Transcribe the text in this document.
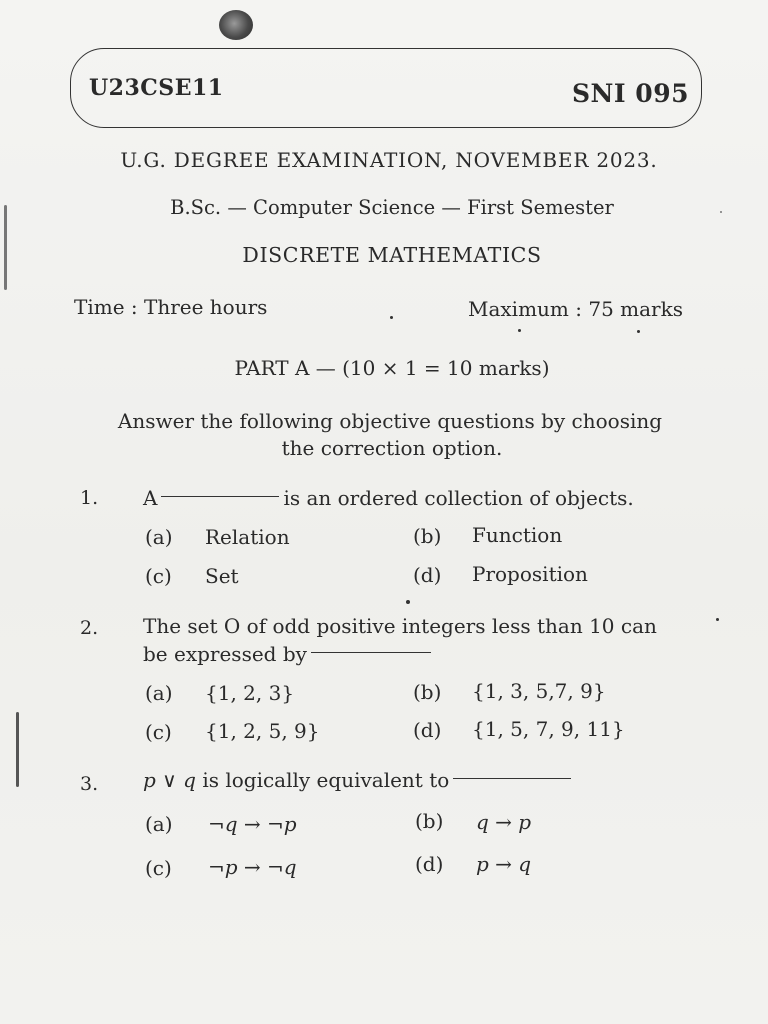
U23CSE11	SNI 095
U.G. DEGREE EXAMINATION, NOVEMBER 2023.
B.Sc. — Computer Science — First Semester
DISCRETE MATHEMATICS
Time : Three hours	Maximum : 75 marks
PART A — (10 × 1 = 10 marks)
Answer the following objective questions by choosing
the correction option.
1. A	is an ordered collection of objects.
(a) Relation	(b) Function
(c) Set	(d) Proposition
2. The set O of odd positive integers less than 10 can
be expressed by
(a) {1, 2, 3}	(b) {1, 3, 5,7, 9}
(c) {1, 2, 5, 9}	(d) {1, 5, 7, 9, 11}
3. p ∨ q is logically equivalent to
(a) ¬q → ¬p	(b) q → p
(c) ¬p → ¬q	(d) p → q
